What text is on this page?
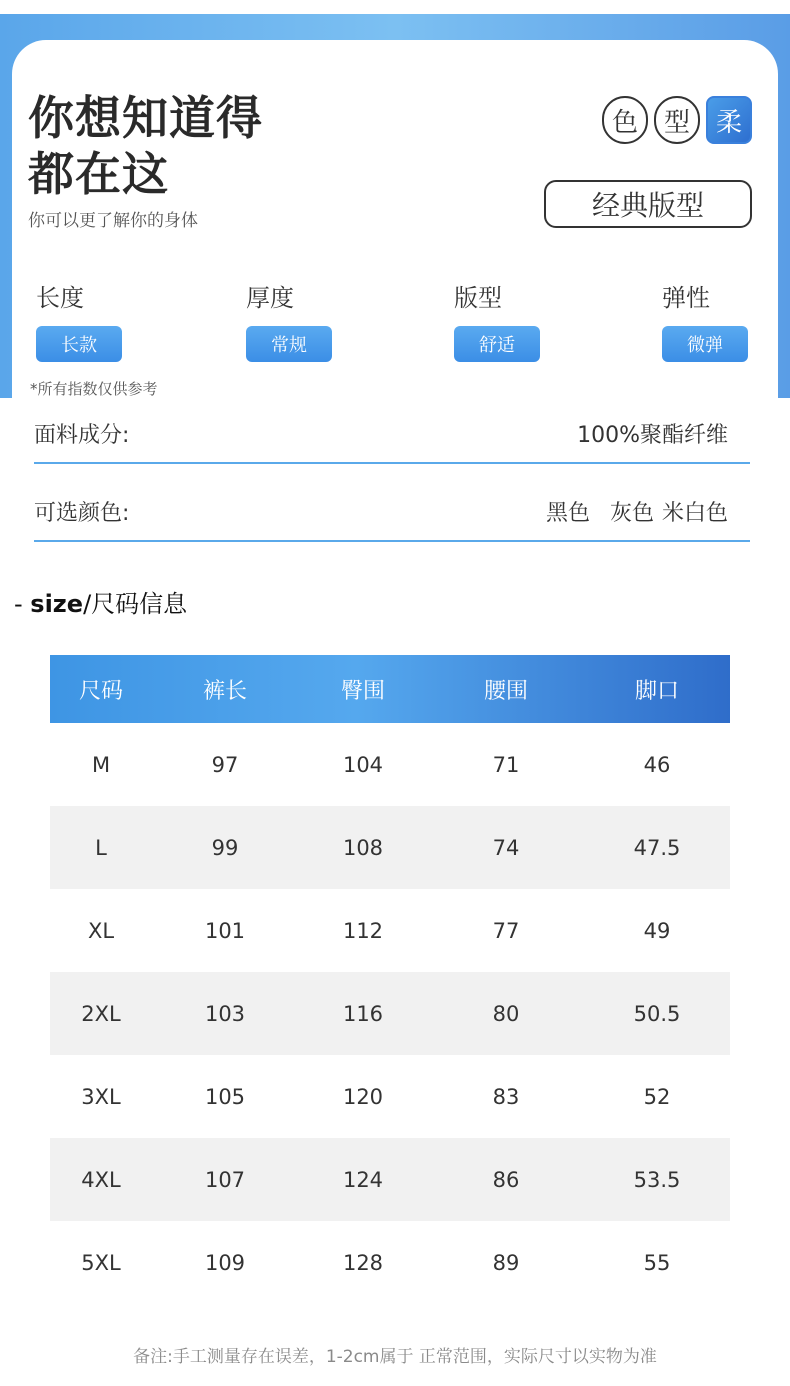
你想知道得
都在这
你可以更了解你的身体
色 型 柔
经典版型
长度
长款
厚度
常规
版型
舒适
弹性
微弹
*所有指数仅供参考
面料成分:	100%聚酯纤维
可选颜色:	黑色 灰色 米白色
- size/尺码信息
尺码	裤长	臀围	腰围	脚口
M	97	104	71	46
L	99	108	74	47.5
XL	101	112	77	49
2XL	103	116	80	50.5
3XL	105	120	83	52
4XL	107	124	86	53.5
5XL	109	128	89	55
备注:手工测量存在误差，1-2cm属于 正常范围，实际尺寸以实物为准
